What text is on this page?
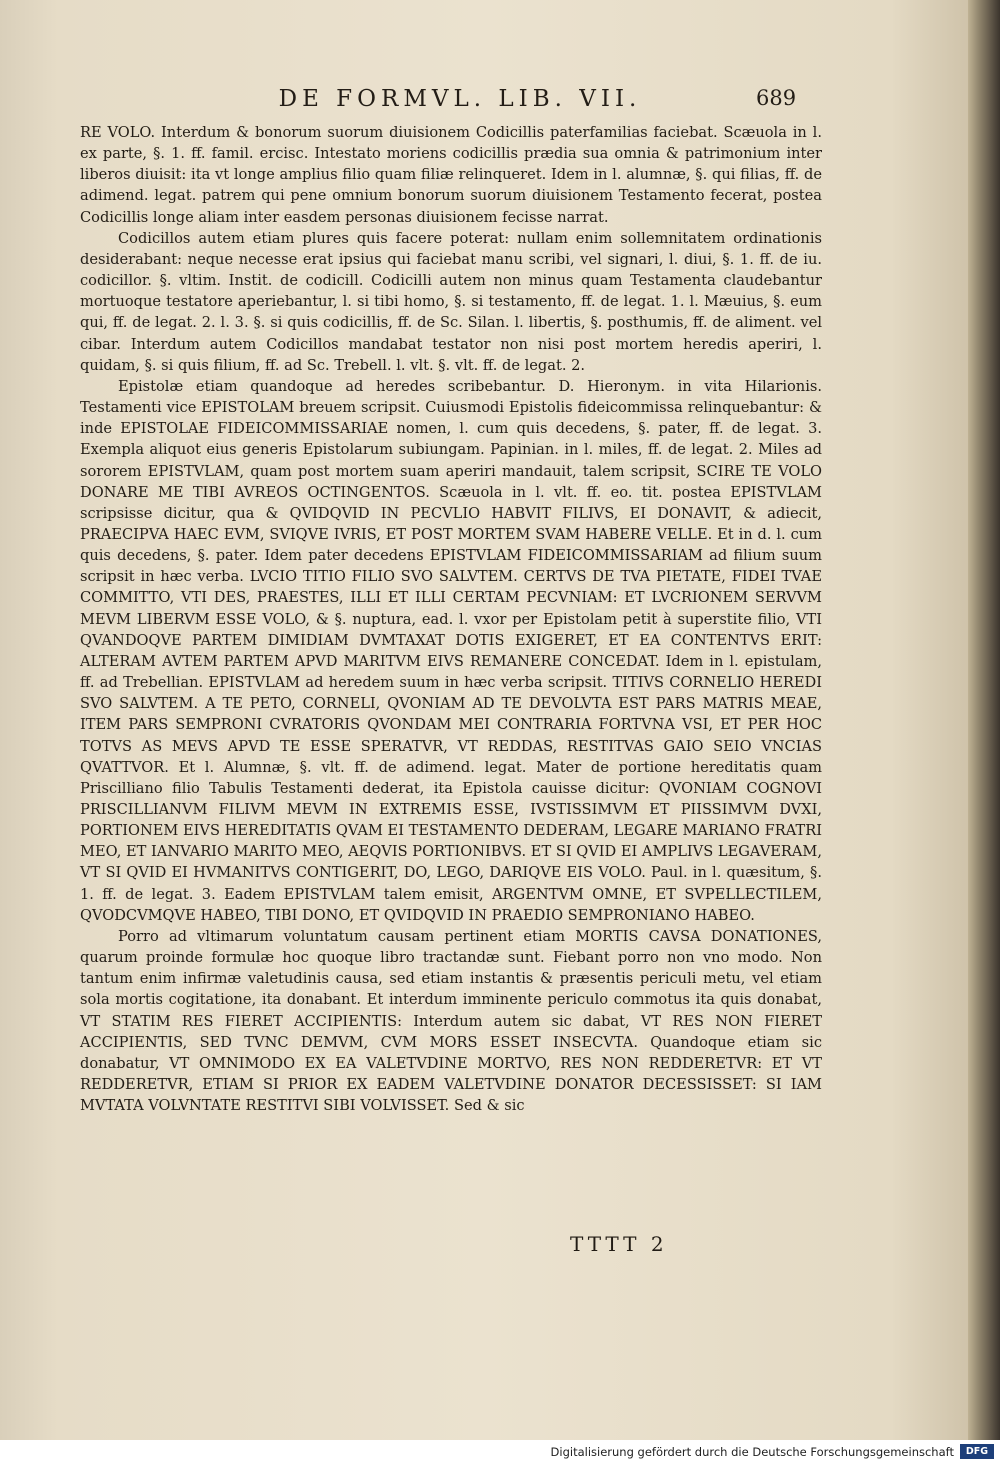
DE FORMVL. LIB. VII.	689

RE VOLO. Interdum & bonorum suorum diuisionem Codicillis paterfamilias faciebat. Scæuola in l. ex parte, §. 1. ff. famil. ercisc. Intestato moriens codicillis prædia sua omnia & patrimonium inter liberos diuisit: ita vt longe amplius filio quam filiæ relinqueret. Idem in l. alumnæ, §. qui filias, ff. de adimend. legat. patrem qui pene omnium bonorum suorum diuisionem Testamento fecerat, postea Codicillis longe aliam inter easdem personas diuisionem fecisse narrat.

Codicillos autem etiam plures quis facere poterat: nullam enim sollemnitatem ordinationis desiderabant: neque necesse erat ipsius qui faciebat manu scribi, vel signari, l. diui, §. 1. ff. de iu. codicillor. §. vltim. Instit. de codicill. Codicilli autem non minus quam Testamenta claudebantur mortuoque testatore aperiebantur, l. si tibi homo, §. si testamento, ff. de legat. 1. l. Mæuius, §. eum qui, ff. de legat. 2. l. 3. §. si quis codicillis, ff. de Sc. Silan. l. libertis, §. posthumis, ff. de aliment. vel cibar. Interdum autem Codicillos mandabat testator non nisi post mortem heredis aperiri, l. quidam, §. si quis filium, ff. ad Sc. Trebell. l. vlt. §. vlt. ff. de legat. 2.

Epistolæ etiam quandoque ad heredes scribebantur. D. Hieronym. in vita Hilarionis. Testamenti vice EPISTOLAM breuem scripsit. Cuiusmodi Epistolis fideicommissa relinquebantur: & inde EPISTOLAE FIDEICOMMISSARIAE nomen, l. cum quis decedens, §. pater, ff. de legat. 3. Exempla aliquot eius generis Epistolarum subiungam. Papinian. in l. miles, ff. de legat. 2. Miles ad sororem EPISTVLAM, quam post mortem suam aperiri mandauit, talem scripsit, SCIRE TE VOLO DONARE ME TIBI AVREOS OCTINGENTOS. Scæuola in l. vlt. ff. eo. tit. postea EPISTVLAM scripsisse dicitur, qua & QVIDQVID IN PECVLIO HABVIT FILIVS, EI DONAVIT, & adiecit, PRAECIPVA HAEC EVM, SVIQVE IVRIS, ET POST MORTEM SVAM HABERE VELLE. Et in d. l. cum quis decedens, §. pater. Idem pater decedens EPISTVLAM FIDEICOMMISSARIAM ad filium suum scripsit in hæc verba. LVCIO TITIO FILIO SVO SALVTEM. CERTVS DE TVA PIETATE, FIDEI TVAE COMMITTO, VTI DES, PRAESTES, ILLI ET ILLI CERTAM PECVNIAM: ET LVCRIONEM SERVVM MEVM LIBERVM ESSE VOLO, & §. nuptura, ead. l. vxor per Epistolam petit à superstite filio, VTI QVANDOQVE PARTEM DIMIDIAM DVMTAXAT DOTIS EXIGERET, ET EA CONTENTVS ERIT: ALTERAM AVTEM PARTEM APVD MARITVM EIVS REMANERE CONCEDAT. Idem in l. epistulam, ff. ad Trebellian. EPISTVLAM ad heredem suum in hæc verba scripsit. TITIVS CORNELIO HEREDI SVO SALVTEM. A TE PETO, CORNELI, QVONIAM AD TE DEVOLVTA EST PARS MATRIS MEAE, ITEM PARS SEMPRONI CVRATORIS QVONDAM MEI CONTRARIA FORTVNA VSI, ET PER HOC TOTVS AS MEVS APVD TE ESSE SPERATVR, VT REDDAS, RESTITVAS GAIO SEIO VNCIAS QVATTVOR. Et l. Alumnæ, §. vlt. ff. de adimend. legat. Mater de portione hereditatis quam Priscilliano filio Tabulis Testamenti dederat, ita Epistola cauisse dicitur: QVONIAM COGNOVI PRISCILLIANVM FILIVM MEVM IN EXTREMIS ESSE, IVSTISSIMVM ET PIISSIMVM DVXI, PORTIONEM EIVS HEREDITATIS QVAM EI TESTAMENTO DEDERAM, LEGARE MARIANO FRATRI MEO, ET IANVARIO MARITO MEO, AEQVIS PORTIONIBVS. ET SI QVID EI AMPLIVS LEGAVERAM, VT SI QVID EI HVMANITVS CONTIGERIT, DO, LEGO, DARIQVE EIS VOLO. Paul. in l. quæsitum, §. 1. ff. de legat. 3. Eadem EPISTVLAM talem emisit, ARGENTVM OMNE, ET SVPELLECTILEM, QVODCVMQVE HABEO, TIBI DONO, ET QVIDQVID IN PRAEDIO SEMPRONIANO HABEO.

Porro ad vltimarum voluntatum causam pertinent etiam MORTIS CAVSA DONATIONES, quarum proinde formulæ hoc quoque libro tractandæ sunt. Fiebant porro non vno modo. Non tantum enim infirmæ valetudinis causa, sed etiam instantis & præsentis periculi metu, vel etiam sola mortis cogitatione, ita donabant. Et interdum imminente periculo commotus ita quis donabat, VT STATIM RES FIERET ACCIPIENTIS: Interdum autem sic dabat, VT RES NON FIERET ACCIPIENTIS, SED TVNC DEMVM, CVM MORS ESSET INSECVTA. Quandoque etiam sic donabatur, VT OMNIMODO EX EA VALETVDINE MORTVO, RES NON REDDERETVR: ET VT REDDERETVR, ETIAM SI PRIOR EX EADEM VALETVDINE DONATOR DECESSISSET: SI IAM MVTATA VOLVNTATE RESTITVI SIBI VOLVISSET. Sed & sic

TTTT 2
Digitalisierung gefördert durch die Deutsche Forschungsgemeinschaft	DFG
